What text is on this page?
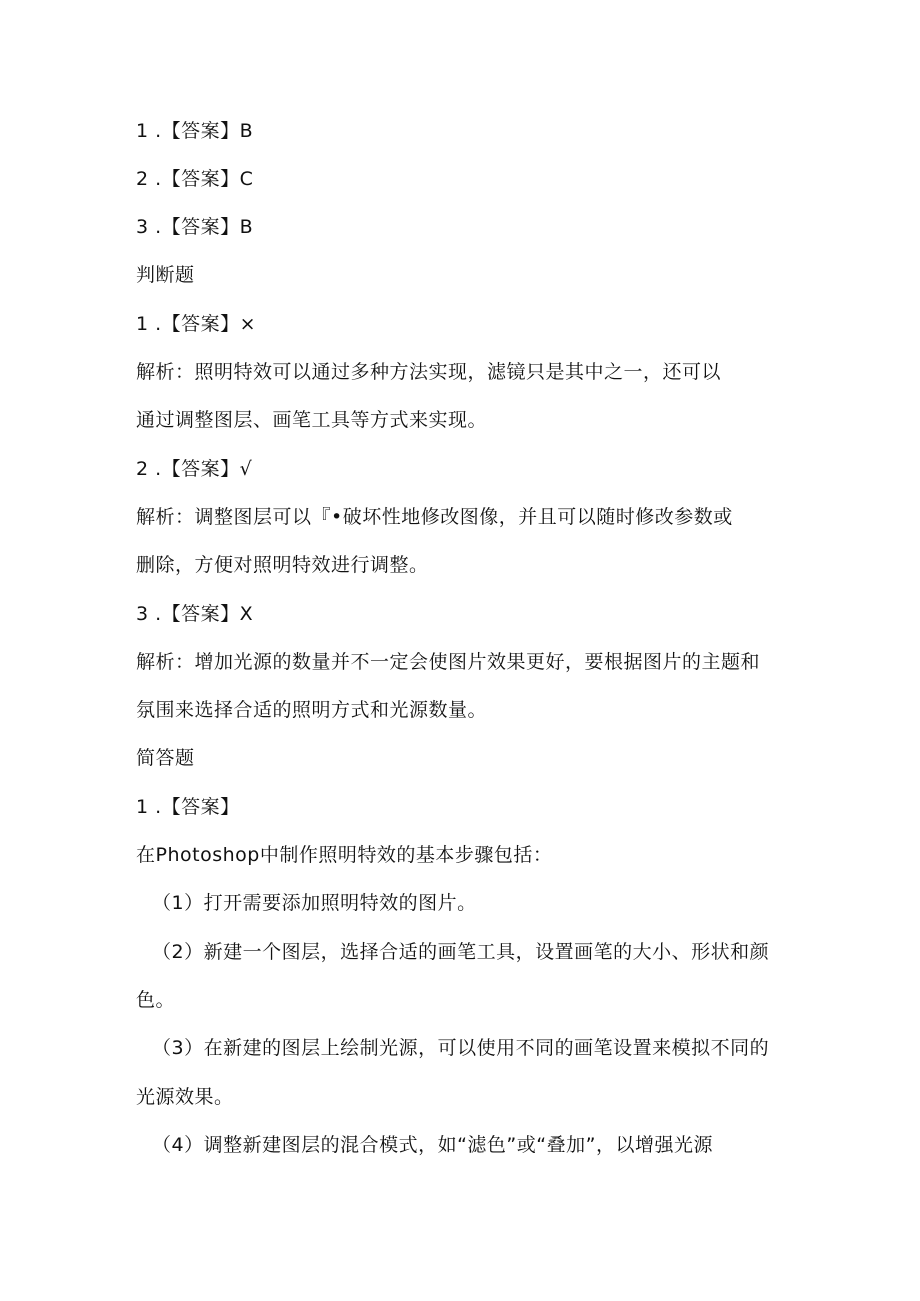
1 .【答案】B
2 .【答案】C
3 .【答案】B
判断题
1 .【答案】×
解析：照明特效可以通过多种方法实现，滤镜只是其中之一，还可以
通过调整图层、画笔工具等方式来实现。
2 .【答案】√
解析：调整图层可以『•破坏性地修改图像，并且可以随时修改参数或
删除，方便对照明特效进行调整。
3 .【答案】X
解析：增加光源的数量并不一定会使图片效果更好，要根据图片的主题和
氛围来选择合适的照明方式和光源数量。
简答题
1 .【答案】
在Photoshop中制作照明特效的基本步骤包括：
（1）打开需要添加照明特效的图片。
（2）新建一个图层，选择合适的画笔工具，设置画笔的大小、形状和颜
色。
（3）在新建的图层上绘制光源，可以使用不同的画笔设置来模拟不同的
光源效果。
（4）调整新建图层的混合模式，如“滤色”或“叠加”，以增强光源
